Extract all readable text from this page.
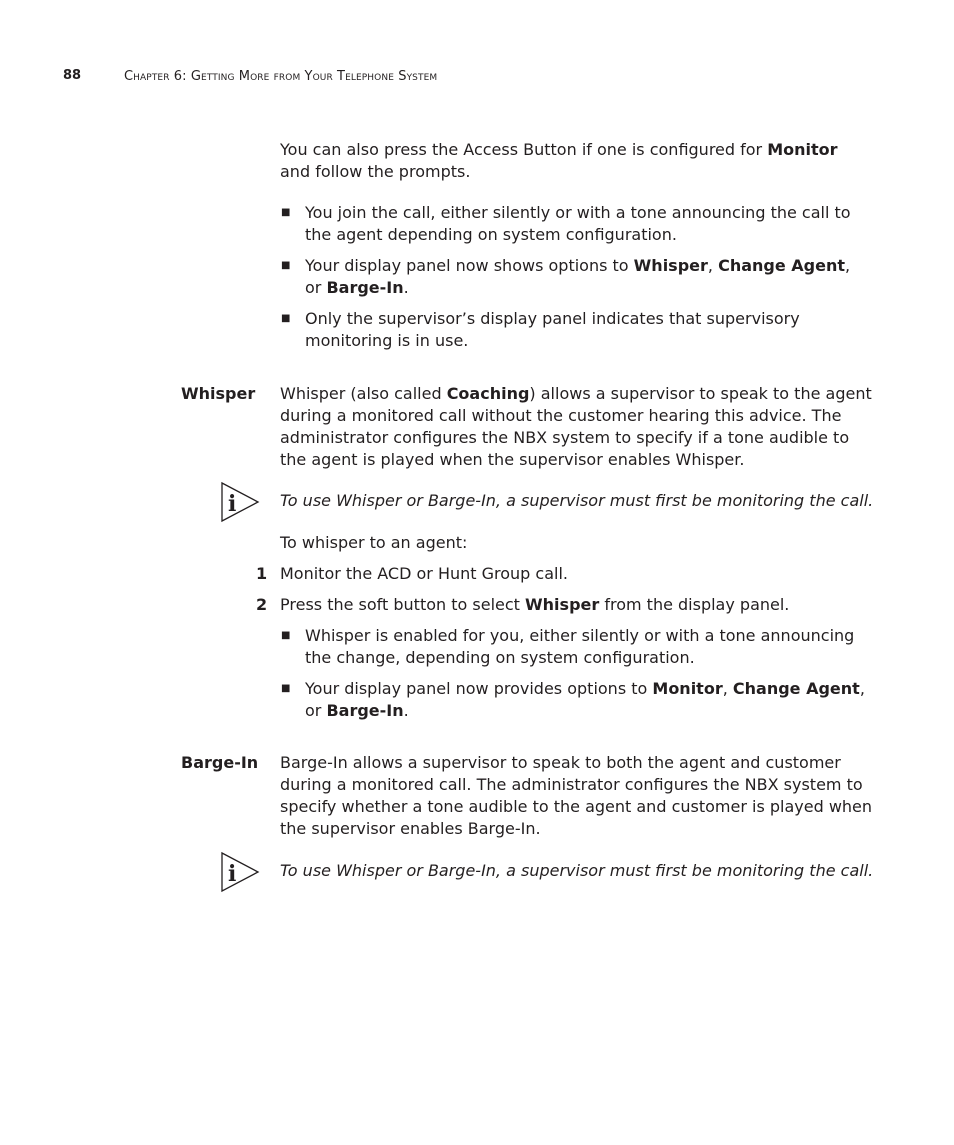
88	Chapter 6: Getting More from Your Telephone System
You can also press the Access Button if one is configured for Monitor
and follow the prompts.
■ You join the call, either silently or with a tone announcing the call to
the agent depending on system configuration.
■ Your display panel now shows options to Whisper, Change Agent,
or Barge-In.
■ Only the supervisor’s display panel indicates that supervisory
monitoring is in use.
Whisper Whisper (also called Coaching) allows a supervisor to speak to the agent
during a monitored call without the customer hearing this advice. The
administrator configures the NBX system to specify if a tone audible to
the agent is played when the supervisor enables Whisper.
i	To use Whisper or Barge-In, a supervisor must first be monitoring the call.
To whisper to an agent:
1 Monitor the ACD or Hunt Group call.
2 Press the soft button to select Whisper from the display panel.
■ Whisper is enabled for you, either silently or with a tone announcing
the change, depending on system configuration.
■ Your display panel now provides options to Monitor, Change Agent,
or Barge-In.
Barge-In Barge-In allows a supervisor to speak to both the agent and customer
during a monitored call. The administrator configures the NBX system to
specify whether a tone audible to the agent and customer is played when
the supervisor enables Barge-In.
i	To use Whisper or Barge-In, a supervisor must first be monitoring the call.
